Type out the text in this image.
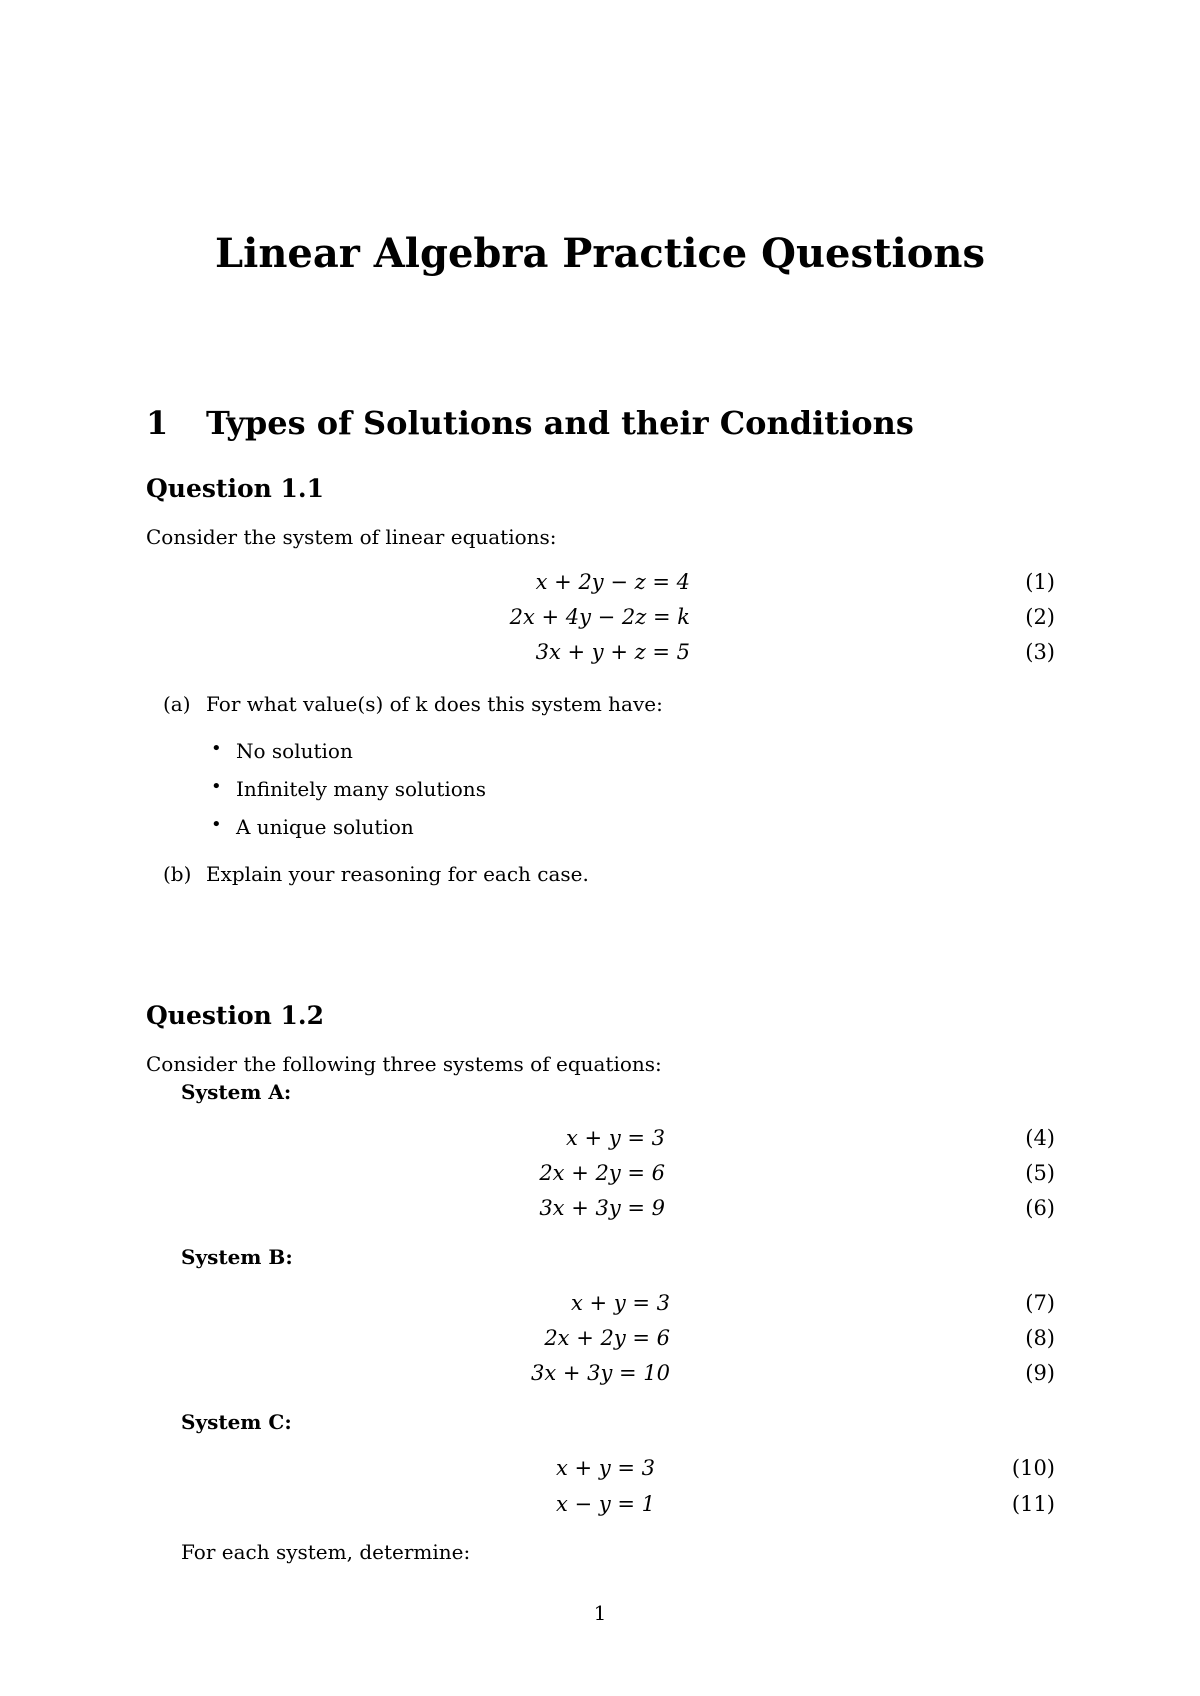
Linear Algebra Practice Questions
1 Types of Solutions and their Conditions
Question 1.1
Consider the system of linear equations:
x + 2y − z = 4	(1)
2x + 4y − 2z = k	(2)
3x + y + z = 5	(3)
(a) For what value(s) of k does this system have:
• No solution
• Infinitely many solutions
• A unique solution
(b) Explain your reasoning for each case.
Question 1.2
Consider the following three systems of equations:
System A:
x + y = 3	(4)
2x + 2y = 6	(5)
3x + 3y = 9	(6)
System B:
x + y = 3	(7)
2x + 2y = 6	(8)
3x + 3y = 10	(9)
System C:
x + y = 3	(10)
x − y = 1	(11)
For each system, determine:
1
